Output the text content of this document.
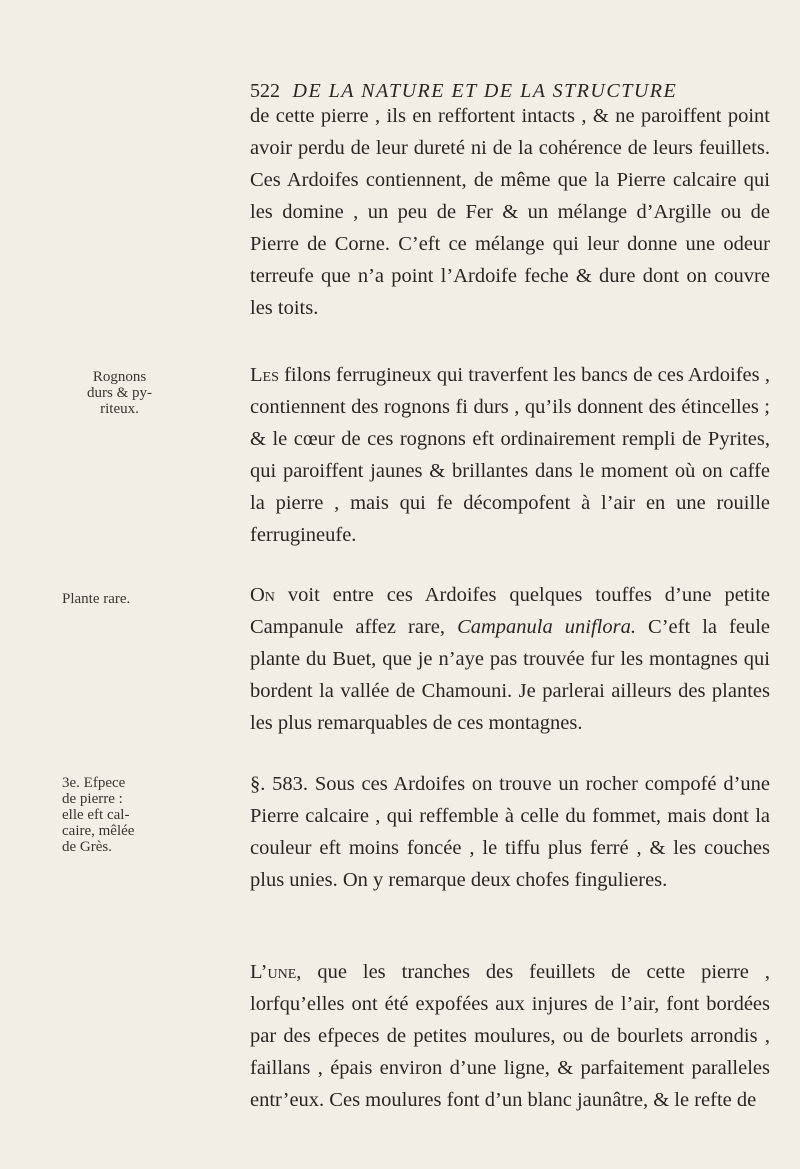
522 DE LA NATURE ET DE LA STRUCTURE

de cette pierre , ils en reffortent intacts , & ne paroiffent point avoir perdu de leur dureté ni de la cohérence de leurs feuillets. Ces Ardoifes contiennent, de même que la Pierre calcaire qui les domine , un peu de Fer & un mélange d’Argille ou de Pierre de Corne. C’eft ce mélange qui leur donne une odeur terreufe que n’a point l’Ardoife feche & dure dont on couvre les toits.

Rognons
durs & py-
riteux.

Les filons ferrugineux qui traverfent les bancs de ces Ardoifes , contiennent des rognons fi durs , qu’ils donnent des étincelles ; & le cœur de ces rognons eft ordinairement rempli de Pyrites, qui paroiffent jaunes & brillantes dans le moment où on caffe la pierre , mais qui fe décompofent à l’air en une rouille ferrugineufe.

Plante rare.	On voit entre ces Ardoifes quelques touffes d’une petite Campanule affez rare, Campanula uniflora. C’eft la feule plante du Buet, que je n’aye pas trouvée fur les montagnes qui bordent la vallée de Chamouni. Je parlerai ailleurs des plantes les plus remarquables de ces montagnes.

3e. Efpece
de pierre :
elle eft cal-
caire, mêlée
de Grès.

§. 583. Sous ces Ardoifes on trouve un rocher compofé d’une Pierre calcaire , qui reffemble à celle du fommet, mais dont la couleur eft moins foncée , le tiffu plus ferré , & les couches plus unies. On y remarque deux chofes fingulieres.

L’une, que les tranches des feuillets de cette pierre , lorfqu’elles ont été expofées aux injures de l’air, font bordées par des efpeces de petites moulures, ou de bourlets arrondis , faillans , épais environ d’une ligne, & parfaitement paralleles entr’eux. Ces moulures font d’un blanc jaunâtre, & le refte de
